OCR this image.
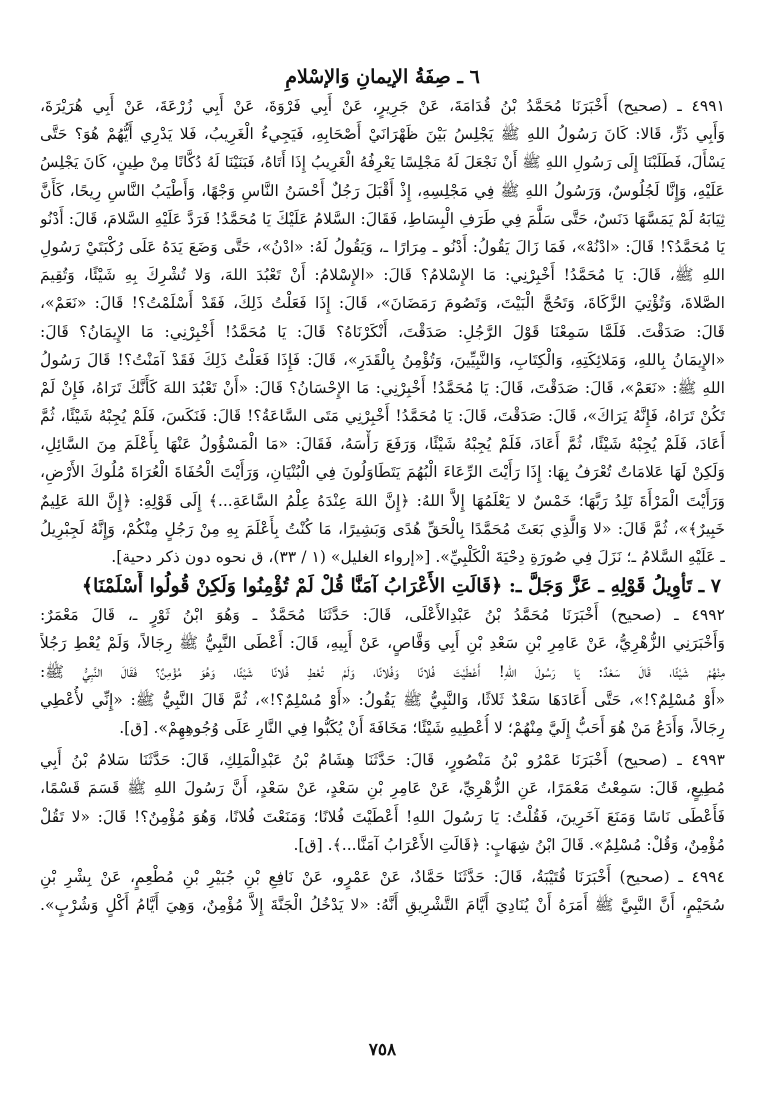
٦ ـ صِفَةُ الإيمانِ وَالإسْلامِ
٤٩٩١ ـ (صحيح) أَخْبَرَنَا مُحَمَّدُ بْنُ قُدَامَةَ، عَنْ جَرِيرٍ، عَنْ أَبِي فَرْوَةَ، عَنْ أَبِي زُرْعَةَ، عَنْ أَبِي هُرَيْرَةَ،
وَأَبِي ذَرٍّ، قَالا: كَانَ رَسُولُ اللهِ ﷺ يَجْلِسُ بَيْنَ ظَهْرَانَيْ أَصْحَابِهِ، فَيَجِيءُ الْغَرِيبُ، فَلا يَدْرِي أَيُّهُمْ هُوَ؟ حَتَّى
يَسْأَلَ، فَطَلَبْنَا إِلَى رَسُولِ اللهِ ﷺ أَنْ نَجْعَلَ لَهُ مَجْلِسًا يَعْرِفُهُ الْغَرِيبُ إِذَا أَتَاهُ، فَبَنَيْنَا لَهُ دُكَّانًا مِنْ طِينٍ، كَانَ يَجْلِسُ
عَلَيْهِ، وَإِنَّا لَجُلُوسٌ، وَرَسُولُ اللهِ ﷺ فِي مَجْلِسِهِ، إِذْ أَقْبَلَ رَجُلٌ أَحْسَنُ النَّاسِ وَجْهًا، وَأَطْيَبُ النَّاسِ رِيحًا، كَأَنَّ
ثِيَابَهُ لَمْ يَمَسَّهَا دَنَسٌ، حَتَّى سَلَّمَ فِي طَرَفِ الْبِسَاطِ، فَقَالَ: السَّلامُ عَلَيْكَ يَا مُحَمَّدُ! فَرَدَّ عَلَيْهِ السَّلامَ، قَالَ: أَدْنُو
يَا مُحَمَّدُ؟! قَالَ: «ادْنُهْ»، فَمَا زَالَ يَقُولُ: أَدْنُو ـ مِرَارًا ـ، وَيَقُولُ لَهُ: «ادْنُ»، حَتَّى وَضَعَ يَدَهُ عَلَى رُكْبَتَيْ رَسُولِ
اللهِ ﷺ، قَالَ: يَا مُحَمَّدُ! أَخْبِرْنِي: مَا الإِسْلامُ؟ قَالَ: «الإِسْلامُ: أَنْ تَعْبُدَ اللهَ، وَلا تُشْرِكَ بِهِ شَيْئًا، وَتُقِيمَ
الصَّلاةَ، وَتُؤْتِيَ الزَّكَاةَ، وَتَحُجَّ الْبَيْتَ، وَتَصُومَ رَمَضَانَ»، قَالَ: إِذَا فَعَلْتُ ذَلِكَ، فَقَدْ أَسْلَمْتُ؟! قَالَ: «نَعَمْ»،
قَالَ: صَدَقْتَ. فَلَمَّا سَمِعْنَا قَوْلَ الرَّجُلِ: صَدَقْتَ، أَنْكَرْنَاهُ؟ قَالَ: يَا مُحَمَّدُ! أَخْبِرْنِي: مَا الإِيمَانُ؟ قَالَ:
«الإِيمَانُ بِاللهِ، وَمَلائِكَتِهِ، وَالْكِتَابِ، وَالنَّبِيِّينَ، وَتُؤْمِنُ بِالْقَدَرِ»، قَالَ: فَإِذَا فَعَلْتُ ذَلِكَ فَقَدْ آمَنْتُ؟! قَالَ رَسُولُ
اللهِ ﷺ: «نَعَمْ»، قَالَ: صَدَقْتَ، قَالَ: يَا مُحَمَّدُ! أَخْبِرْنِي: مَا الإِحْسَانُ؟ قَالَ: «أَنْ تَعْبُدَ اللهَ كَأَنَّكَ تَرَاهُ، فَإِنْ لَمْ
تَكُنْ تَرَاهُ، فَإِنَّهُ يَرَاكَ»، قَالَ: صَدَقْتَ، قَالَ: يَا مُحَمَّدُ! أَخْبِرْنِي مَتَى السَّاعَةُ؟! قَالَ: فَنَكَسَ، فَلَمْ يُجِبْهُ شَيْئًا، ثُمَّ
أَعَادَ، فَلَمْ يُجِبْهُ شَيْئًا، ثُمَّ أَعَادَ، فَلَمْ يُجِبْهُ شَيْئًا، وَرَفَعَ رَأْسَهُ، فَقَالَ: «مَا الْمَسْؤُولُ عَنْهَا بِأَعْلَمَ مِنَ السَّائِلِ،
وَلَكِنْ لَهَا عَلامَاتٌ تُعْرَفُ بِهَا: إِذَا رَأَيْتَ الرِّعَاءَ الْبُهُمَ يَتَطَاوَلُونَ فِي الْبُنْيَانِ، وَرَأَيْتَ الْحُفَاةَ الْعُرَاةَ مُلُوكَ الأَرْضِ،
وَرَأَيْتَ الْمَرْأَةَ تَلِدُ رَبَّهَا؛ خَمْسٌ لا يَعْلَمُهَا إِلاَّ اللهُ: ﴿إِنَّ اللهَ عِنْدَهُ عِلْمُ السَّاعَةِ...﴾ إِلَى قَوْلِهِ: ﴿إِنَّ اللهَ عَلِيمٌ
خَبِيرٌ﴾»، ثُمَّ قَالَ: «لا وَالَّذِي بَعَثَ مُحَمَّدًا بِالْحَقِّ هُدًى وَبَشِيرًا، مَا كُنْتُ بِأَعْلَمَ بِهِ مِنْ رَجُلٍ مِنْكُمْ، وَإِنَّهُ لَجِبْرِيلُ
ـ عَلَيْهِ السَّلامُ ـ؛ نَزَلَ فِي صُورَةِ دِحْيَةَ الْكَلْبِيِّ». [«إرواء الغليل» (١ / ٣٣)، ق نحوه دون ذكر دحية].
٧ ـ تَأْوِيلُ قَوْلِهِ ـ عَزَّ وَجَلَّ ـ: ﴿قَالَتِ الأَعْرَابُ آمَنَّا قُلْ لَمْ تُؤْمِنُوا وَلَكِنْ قُولُوا أَسْلَمْنَا﴾
٤٩٩٢ ـ (صحيح) أَخْبَرَنَا مُحَمَّدُ بْنُ عَبْدِالأَعْلَى، قَالَ: حَدَّثَنَا مُحَمَّدٌ ـ وَهُوَ ابْنُ ثَوْرٍ ـ، قَالَ مَعْمَرٌ:
وَأَخْبَرَنِي الزُّهْرِيُّ، عَنْ عَامِرِ بْنِ سَعْدِ بْنِ أَبِي وَقَّاصٍ، عَنْ أَبِيهِ، قَالَ: أَعْطَى النَّبِيُّ ﷺ رِجَالاً، وَلَمْ يُعْطِ رَجُلاً
مِنْهُمْ شَيْئًا، قَالَ سَعْدٌ: يَا رَسُولَ اللهِ! أَعْطَيْتَ فُلانًا وَفُلانًا، وَلَمْ تُعْطِ فُلانًا شَيْئًا، وَهُوَ مُؤْمِنٌ؟ فَقَالَ النَّبِيُّ ﷺ:
«أَوْ مُسْلِمٌ؟!»، حَتَّى أَعَادَهَا سَعْدٌ ثَلاثًا، وَالنَّبِيُّ ﷺ يَقُولُ: «أَوْ مُسْلِمٌ؟!»، ثُمَّ قَالَ النَّبِيُّ ﷺ: «إِنِّي لأُعْطِي
رِجَالاً، وَأَدَعُ مَنْ هُوَ أَحَبُّ إِلَيَّ مِنْهُمْ؛ لا أُعْطِيهِ شَيْئًا؛ مَخَافَةَ أَنْ يُكَبُّوا فِي النَّارِ عَلَى وُجُوهِهِمْ». [ق].
٤٩٩٣ ـ (صحيح) أَخْبَرَنَا عَمْرُو بْنُ مَنْصُورٍ، قَالَ: حَدَّثَنَا هِشَامُ بْنُ عَبْدِالْمَلِكِ، قَالَ: حَدَّثَنَا سَلامُ بْنُ أَبِي
مُطِيعٍ، قَالَ: سَمِعْتُ مَعْمَرًا، عَنِ الزُّهْرِيِّ، عَنْ عَامِرِ بْنِ سَعْدٍ، عَنْ سَعْدٍ، أَنَّ رَسُولَ اللهِ ﷺ قَسَمَ قَسْمًا،
فَأَعْطَى نَاسًا وَمَنَعَ آخَرِينَ، فَقُلْتُ: يَا رَسُولَ اللهِ! أَعْطَيْتَ فُلانًا؛ وَمَنَعْتَ فُلانًا، وَهُوَ مُؤْمِنٌ؟! قَالَ: «لا تَقُلْ
مُؤْمِنٌ، وَقُلْ: مُسْلِمٌ». قَالَ ابْنُ شِهَابٍ: ﴿قَالَتِ الأَعْرَابُ آمَنَّا...﴾. [ق].
٤٩٩٤ ـ (صحيح) أَخْبَرَنَا قُتَيْبَةُ، قَالَ: حَدَّثَنَا حَمَّادٌ، عَنْ عَمْرٍو، عَنْ نَافِعِ بْنِ جُبَيْرِ بْنِ مُطْعِمٍ، عَنْ بِشْرِ بْنِ
سُحَيْمٍ، أَنَّ النَّبِيَّ ﷺ أَمَرَهُ أَنْ يُنَادِيَ أَيَّامَ التَّشْرِيقِ أَنَّهُ: «لا يَدْخُلُ الْجَنَّةَ إِلاَّ مُؤْمِنٌ، وَهِيَ أَيَّامُ أَكْلٍ وَشُرْبٍ».
٧٥٨
